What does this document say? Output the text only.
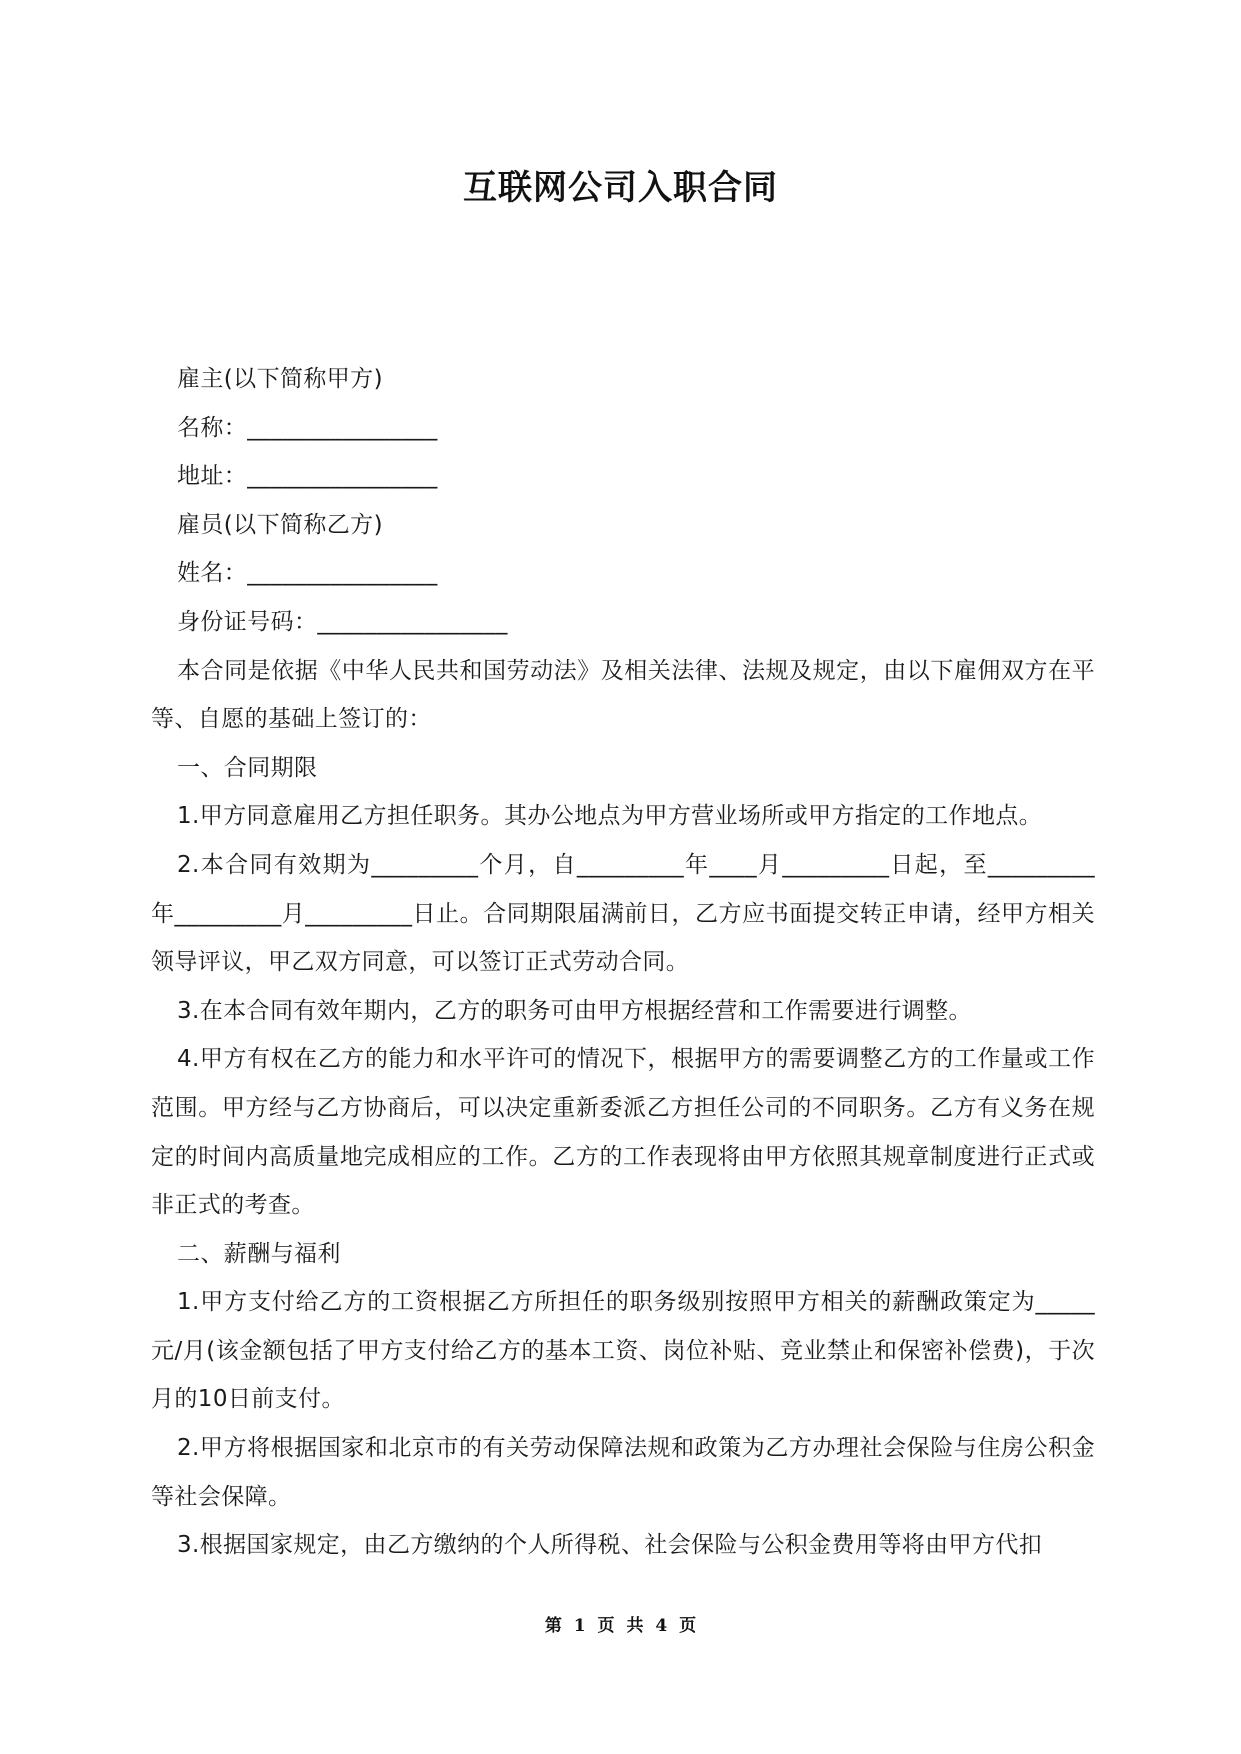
互联网公司入职合同

雇主(以下简称甲方)

名称：________________

地址：________________

雇员(以下简称乙方)

姓名：________________

身份证号码：________________

本合同是依据《中华人民共和国劳动法》及相关法律、法规及规定，由以下雇佣双方在平等、自愿的基础上签订的：

一、合同期限

1.甲方同意雇用乙方担任职务。其办公地点为甲方营业场所或甲方指定的工作地点。

2.本合同有效期为_________个月，自_________年____月_________日起，至_________年_________月_________日止。合同期限届满前日，乙方应书面提交转正申请，经甲方相关领导评议，甲乙双方同意，可以签订正式劳动合同。

3.在本合同有效年期内，乙方的职务可由甲方根据经营和工作需要进行调整。

4.甲方有权在乙方的能力和水平许可的情况下，根据甲方的需要调整乙方的工作量或工作范围。甲方经与乙方协商后，可以决定重新委派乙方担任公司的不同职务。乙方有义务在规定的时间内高质量地完成相应的工作。乙方的工作表现将由甲方依照其规章制度进行正式或非正式的考查。

二、薪酬与福利

1.甲方支付给乙方的工资根据乙方所担任的职务级别按照甲方相关的薪酬政策定为_____元/月(该金额包括了甲方支付给乙方的基本工资、岗位补贴、竞业禁止和保密补偿费)，于次月的10日前支付。

2.甲方将根据国家和北京市的有关劳动保障法规和政策为乙方办理社会保险与住房公积金等社会保障。

3.根据国家规定，由乙方缴纳的个人所得税、社会保险与公积金费用等将由甲方代扣

第 1 页 共 4 页
